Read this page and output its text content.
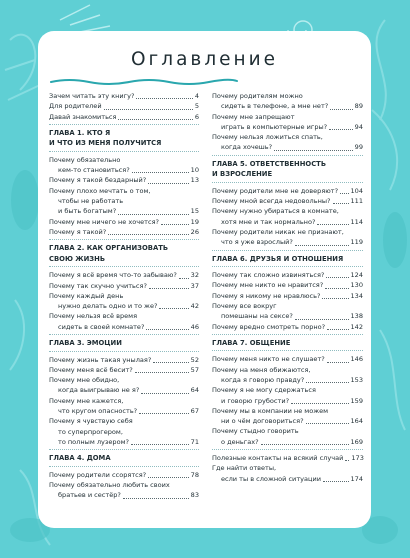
Оглавление
Зачем читать эту книгу?	4
Для родителей	5
Давай знакомиться	6
ГЛАВА 1. КТО Я
И ЧТО ИЗ МЕНЯ ПОЛУЧИТСЯ
Почему обязательно
кем-то становиться?	10
Почему я такой бездарный?	13
Почему плохо мечтать о том,
чтобы не работать
и быть богатым?	15
Почему мне ничего не хочется?	19
Почему я такой?	26
ГЛАВА 2. КАК ОРГАНИЗОВАТЬ
СВОЮ ЖИЗНЬ
Почему я всё время что-то забываю? 32
Почему так скучно учиться?	37
Почему каждый день
нужно делать одно и то же?	42
Почему нельзя всё время
сидеть в своей комнате?	46
ГЛАВА 3. ЭМОЦИИ
Почему жизнь такая унылая?	52
Почему меня всё бесит?	57
Почему мне обидно,
когда выигрываю не я?	64
Почему мне кажется,
что кругом опасность?	67
Почему я чувствую себя
то суперпрогером,
то полным лузером?	71
ГЛАВА 4. ДОМА
Почему родители ссорятся?	78
Почему обязательно любить своих
братьев и сестёр?	83
Почему родителям можно
сидеть в телефоне, а мне нет?	89
Почему мне запрещают
играть в компьютерные игры?	94
Почему нельзя ложиться спать,
когда хочешь?	99
ГЛАВА 5. ОТВЕТСТВЕННОСТЬ
И ВЗРОСЛЕНИЕ
Почему родители мне не доверяют? 104
Почему мной всегда недовольны?	111
Почему нужно убираться в комнате,
хотя мне и так нормально?	114
Почему родители никак не признают,
что я уже взрослый?	119
ГЛАВА 6. ДРУЗЬЯ И ОТНОШЕНИЯ
Почему так сложно извиняться?	124
Почему мне никто не нравится?	130
Почему я никому не нравлюсь?	134
Почему все вокруг
помешаны на сексе?	138
Почему вредно смотреть порно?	142
ГЛАВА 7. ОБЩЕНИЕ
Почему меня никто не слушает?	146
Почему на меня обижаются,
когда я говорю правду?	153
Почему я не могу сдержаться
и говорю грубости?	159
Почему мы в компании не можем
ни о чём договориться?	164
Почему стыдно говорить
о деньгах?	169
Полезные контакты на всякий случай 173
Где найти ответы,
если ты в сложной ситуации	174
